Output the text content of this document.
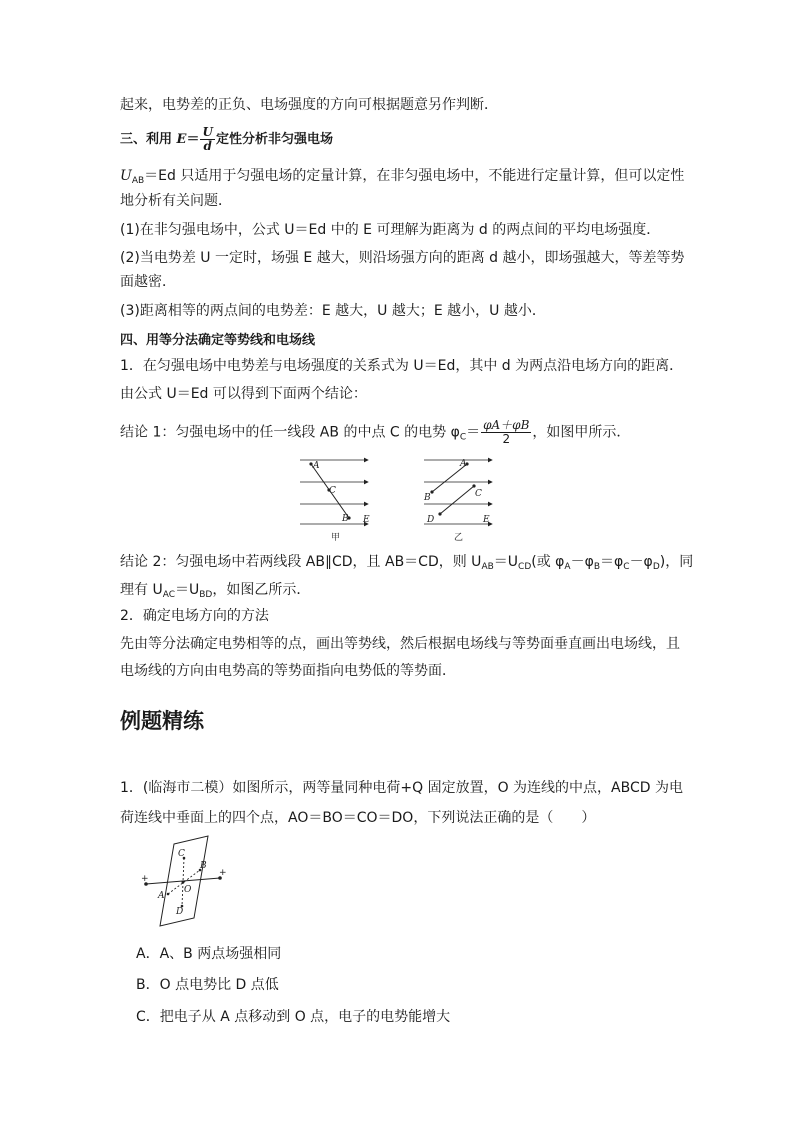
起来，电势差的正负、电场强度的方向可根据题意另作判断．
三、利用 $E= \frac{U}{d}$ 定性分析非匀强电场
$U_{AB}=Ed$ 只适用于匀强电场的定量计算，在非匀强电场中，不能进行定量计算，但可以定性
地分析有关问题．
(1)在非匀强电场中，公式 U＝Ed 中的 E 可理解为距离为 d 的两点间的平均电场强度．
(2)当电势差 U 一定时，场强 E 越大，则沿场强方向的距离 d 越小，即场强越大，等差等势
面越密．
(3)距离相等的两点间的电势差：E 越大，U 越大；E 越小，U 越小．
四、用等分法确定等势线和电场线
1．在匀强电场中电势差与电场强度的关系式为 U＝Ed，其中 d 为两点沿电场方向的距离．
由公式 U＝Ed 可以得到下面两个结论：
结论 1：匀强电场中的任一线段 AB 的中点 C 的电势 $\varphi_C= \frac{\varphi A+\varphi B}{2}$ ，如图甲所示．
A
C
B E
甲
A
B	C
D	E
乙
结论 2：匀强电场中若两线段 AB∥CD，且 AB＝CD，则 $U_{AB}=U_{CD}$(或 $\varphi_A-\varphi_B=\varphi_C-\varphi_D$)，同
理有 $U_{AC}=U_{BD}$，如图乙所示．
2．确定电场方向的方法
先由等分法确定电势相等的点，画出等势线，然后根据电场线与等势面垂直画出电场线，且
电场线的方向由电势高的等势面指向电势低的等势面．
例题精练
1．(临海市二模）如图所示，两等量同种电荷+Q 固定放置，O 为连线的中点，ABCD 为电
荷连线中垂面上的四个点，AO＝BO＝CO＝DO，下列说法正确的是（　　）
C
B
O
A
D
+
+
A．A、B 两点场强相同
B．O 点电势比 D 点低
C．把电子从 A 点移动到 O 点，电子的电势能增大
